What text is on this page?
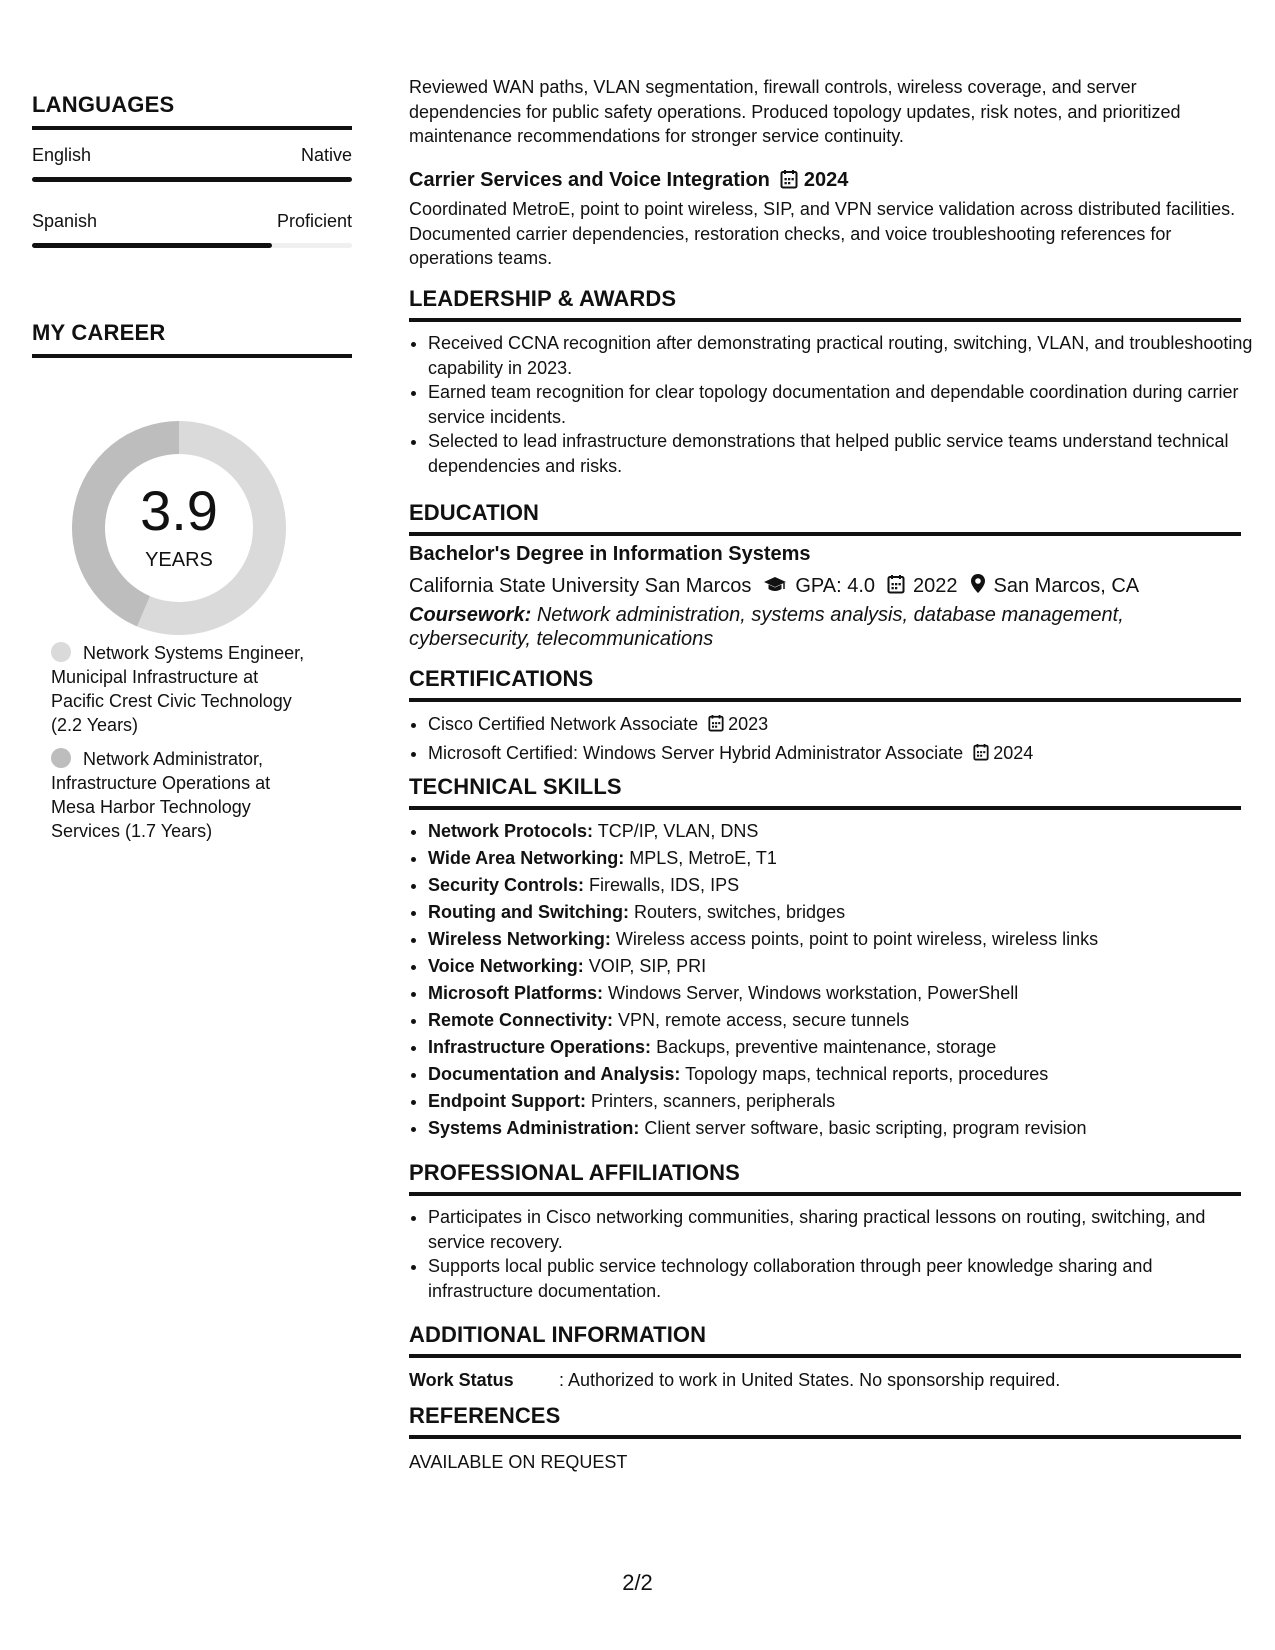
LANGUAGES
English	Native
Spanish	Proficient
MY CAREER
3.9
YEARS
Network Systems Engineer, Municipal Infrastructure at Pacific Crest Civic Technology (2.2 Years)
Network Administrator, Infrastructure Operations at Mesa Harbor Technology Services (1.7 Years)
Reviewed WAN paths, VLAN segmentation, firewall controls, wireless coverage, and server dependencies for public safety operations. Produced topology updates, risk notes, and prioritized maintenance recommendations for stronger service continuity.
Carrier Services and Voice Integration 2024
Coordinated MetroE, point to point wireless, SIP, and VPN service validation across distributed facilities. Documented carrier dependencies, restoration checks, and voice troubleshooting references for operations teams.
LEADERSHIP & AWARDS
• Received CCNA recognition after demonstrating practical routing, switching, VLAN, and troubleshooting capability in 2023.
• Earned team recognition for clear topology documentation and dependable coordination during carrier service incidents.
• Selected to lead infrastructure demonstrations that helped public service teams understand technical dependencies and risks.
EDUCATION
Bachelor's Degree in Information Systems
California State University San Marcos GPA: 4.0 2022 San Marcos, CA
Coursework: Network administration, systems analysis, database management, cybersecurity, telecommunications
CERTIFICATIONS
• Cisco Certified Network Associate 2023
• Microsoft Certified: Windows Server Hybrid Administrator Associate 2024
TECHNICAL SKILLS
• Network Protocols: TCP/IP, VLAN, DNS
• Wide Area Networking: MPLS, MetroE, T1
• Security Controls: Firewalls, IDS, IPS
• Routing and Switching: Routers, switches, bridges
• Wireless Networking: Wireless access points, point to point wireless, wireless links
• Voice Networking: VOIP, SIP, PRI
• Microsoft Platforms: Windows Server, Windows workstation, PowerShell
• Remote Connectivity: VPN, remote access, secure tunnels
• Infrastructure Operations: Backups, preventive maintenance, storage
• Documentation and Analysis: Topology maps, technical reports, procedures
• Endpoint Support: Printers, scanners, peripherals
• Systems Administration: Client server software, basic scripting, program revision
PROFESSIONAL AFFILIATIONS
• Participates in Cisco networking communities, sharing practical lessons on routing, switching, and service recovery.
• Supports local public service technology collaboration through peer knowledge sharing and infrastructure documentation.
ADDITIONAL INFORMATION
Work Status	: Authorized to work in United States. No sponsorship required.
REFERENCES
AVAILABLE ON REQUEST
2/2
